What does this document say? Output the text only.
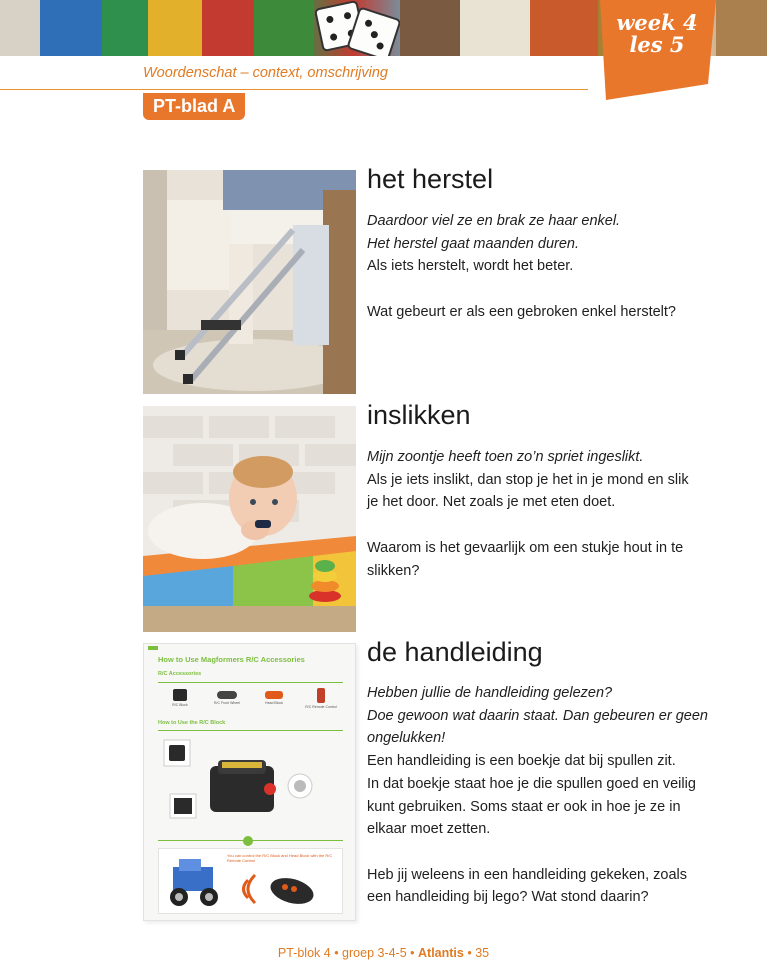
week 4
les 5
Woordenschat – context, omschrijving
PT-blad A
het herstel
Daardoor viel ze en brak ze haar enkel.
Het herstel gaat maanden duren.
Als iets herstelt, wordt het beter.
Wat gebeurt er als een gebroken enkel herstelt?
inslikken
Mijn zoontje heeft toen zo’n spriet ingeslikt.
Als je iets inslikt, dan stop je het in je mond en slik
je het door. Net zoals je met eten doet.
Waarom is het gevaarlijk om een stukje hout in te
slikken?
How to Use Magformers R/C Accessories
R/C Accessories
R/C Block	R/C Front Wheel	Head Block
R/C Remote Control
How to Use the R/C Block
You can control the R/C Block and Head Block with the R/C Remote Control
de handleiding
Hebben jullie de handleiding gelezen?
Doe gewoon wat daarin staat. Dan gebeuren er geen
ongelukken!
Een handleiding is een boekje dat bij spullen zit.
In dat boekje staat hoe je die spullen goed en veilig
kunt gebruiken. Soms staat er ook in hoe je ze in
elkaar moet zetten.
Heb jij weleens in een handleiding gekeken, zoals
een handleiding bij lego? Wat stond daarin?
PT-blok 4 • groep 3-4-5 • Atlantis • 35
